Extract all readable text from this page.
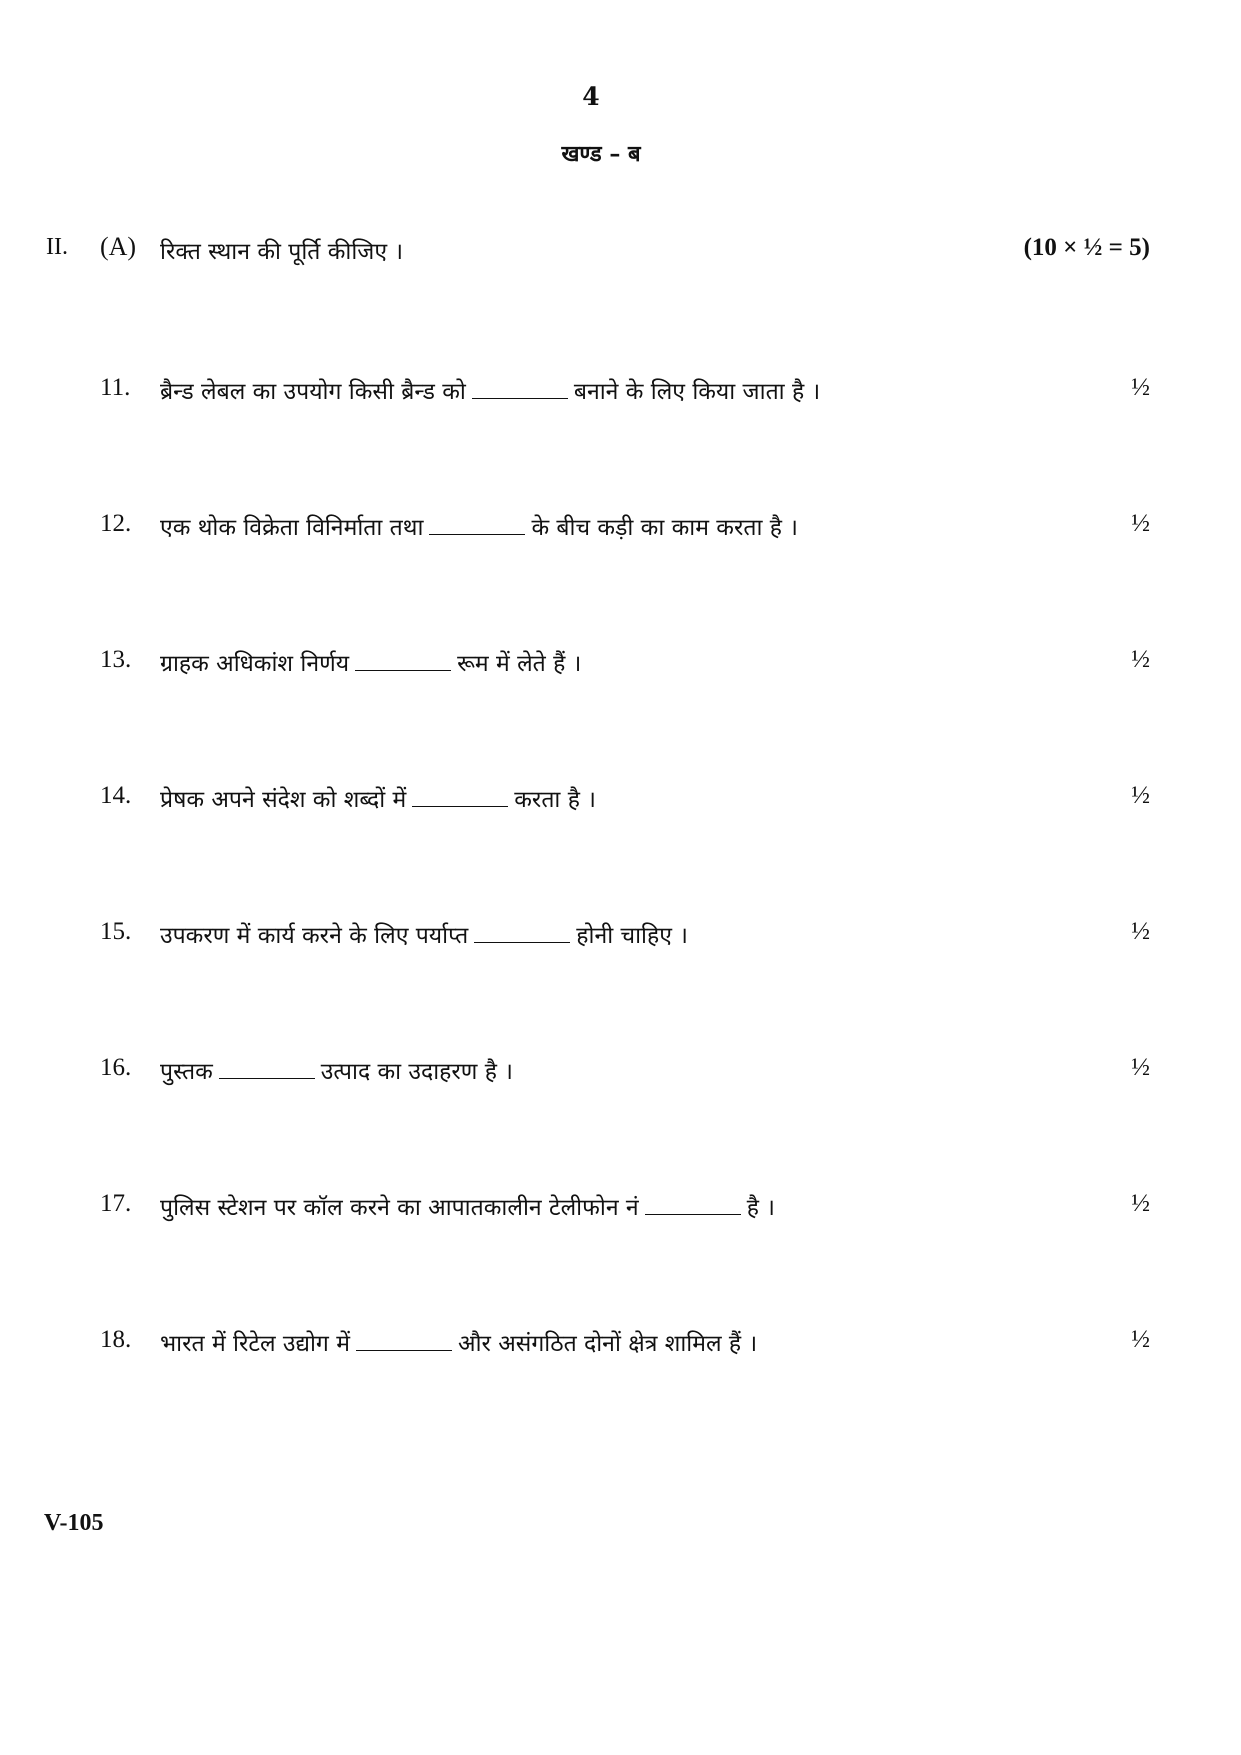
4
खण्ड – ब
II. (A) रिक्त स्थान की पूर्ति कीजिए ।	(10 × ½ = 5)
11.	ब्रैन्ड लेबल का उपयोग किसी ब्रैन्ड को	बनाने के लिए किया जाता है ।	½
12.	एक थोक विक्रेता विनिर्माता तथा	के बीच कड़ी का काम करता है ।	½
13.	ग्राहक अधिकांश निर्णय	रूम में लेते हैं ।	½
14.	प्रेषक अपने संदेश को शब्दों में	करता है ।	½
15.	उपकरण में कार्य करने के लिए पर्याप्त	होनी चाहिए ।	½
16.	पुस्तक	उत्पाद का उदाहरण है ।	½
17.	पुलिस स्टेशन पर कॉल करने का आपातकालीन टेलीफोन नं	है ।	½
18.	भारत में रिटेल उद्योग में	और असंगठित दोनों क्षेत्र शामिल हैं ।	½
V-105
